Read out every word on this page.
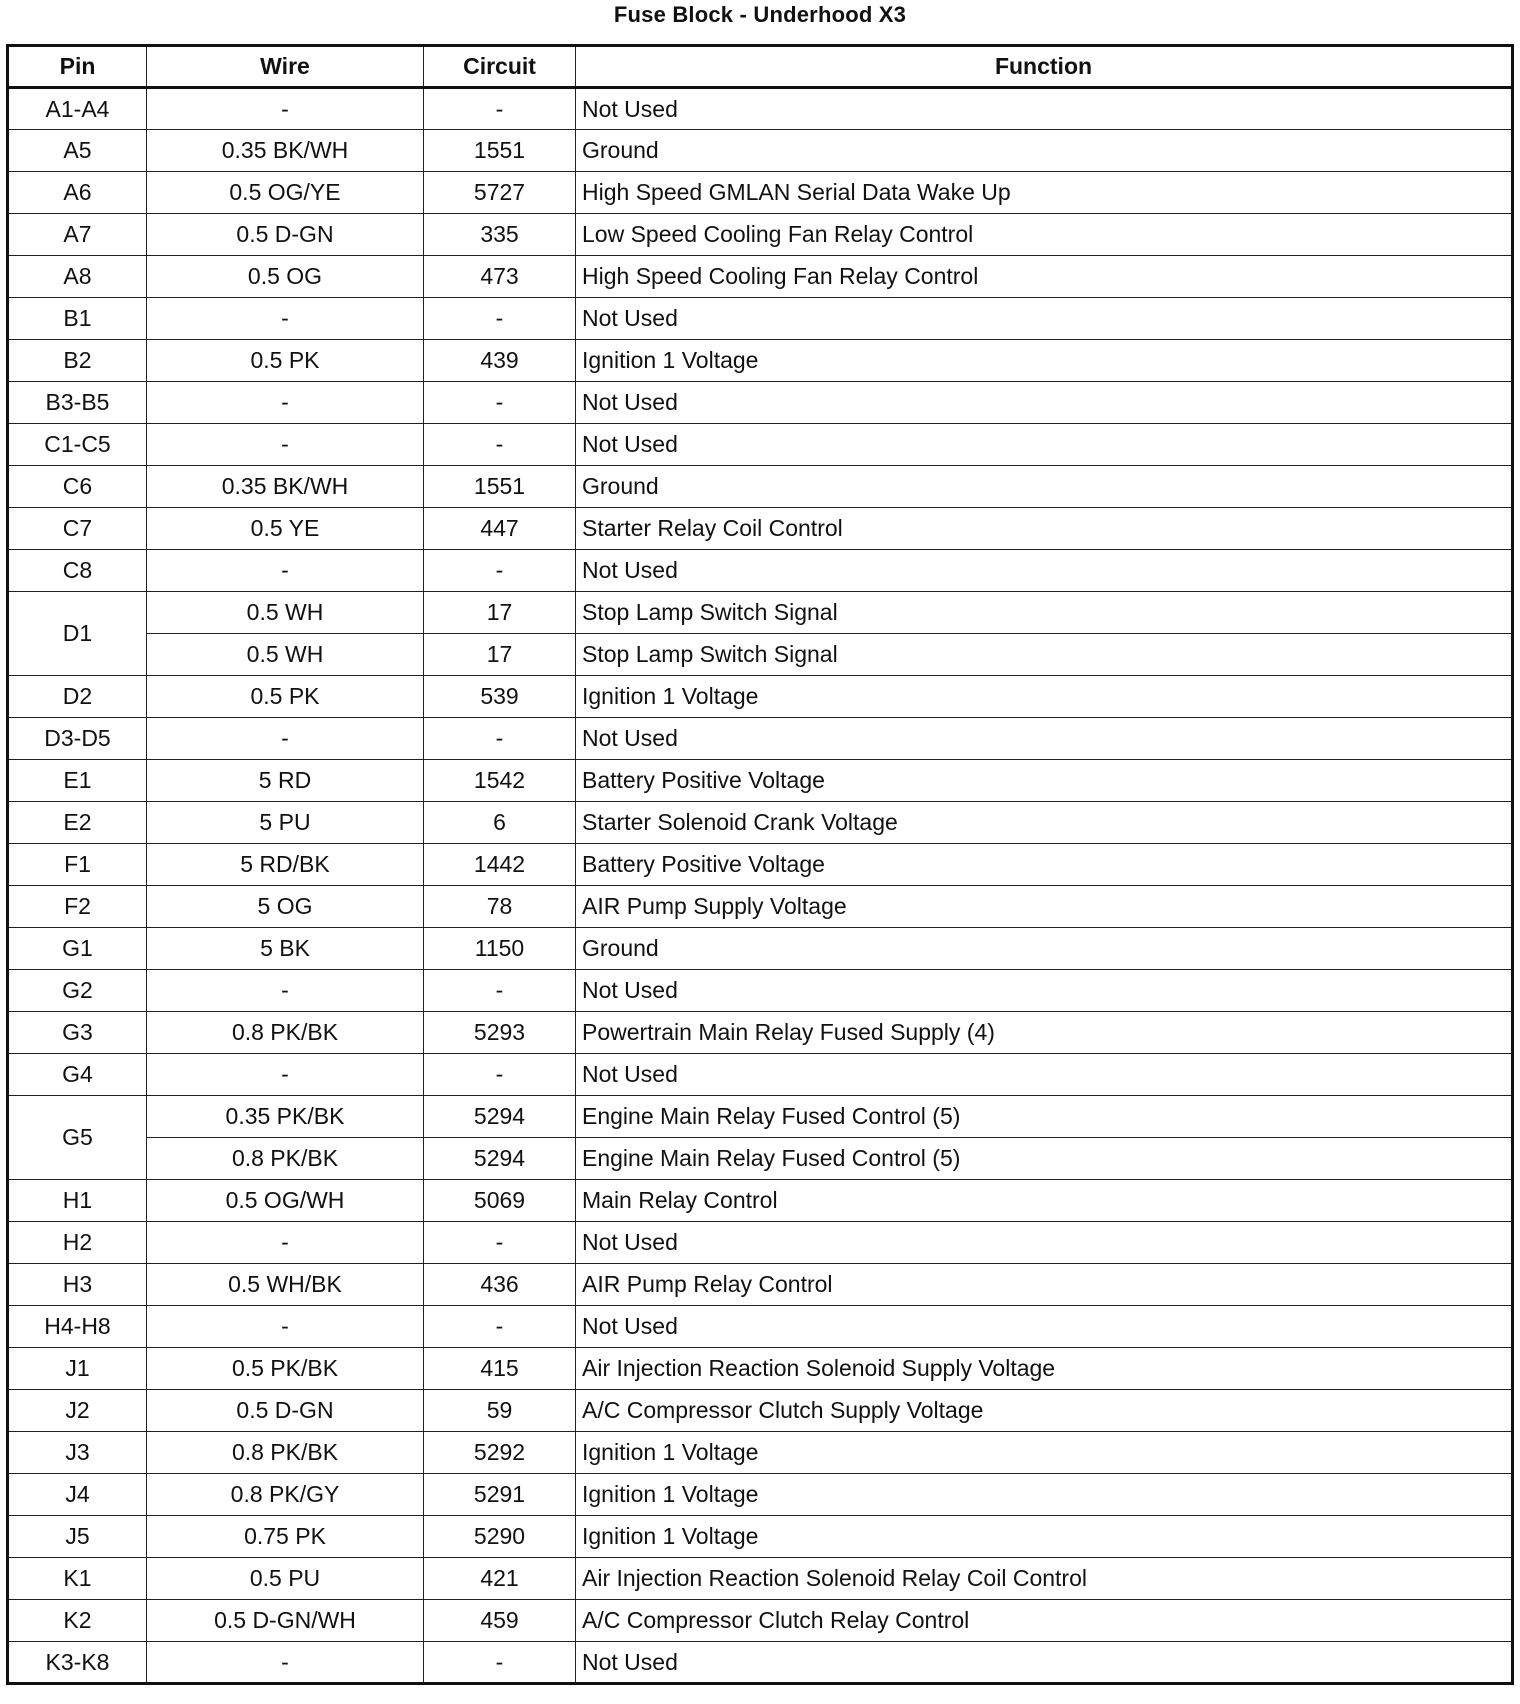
Fuse Block - Underhood X3
Pin	Wire	Circuit	Function
A1-A4	-	-	Not Used
A5	0.35 BK/WH	1551	Ground
A6	0.5 OG/YE	5727	High Speed GMLAN Serial Data Wake Up
A7	0.5 D-GN	335	Low Speed Cooling Fan Relay Control
A8	0.5 OG	473	High Speed Cooling Fan Relay Control
B1	-	-	Not Used
B2	0.5 PK	439	Ignition 1 Voltage
B3-B5	-	-	Not Used
C1-C5	-	-	Not Used
C6	0.35 BK/WH	1551	Ground
C7	0.5 YE	447	Starter Relay Coil Control
C8	-	-	Not Used
D1	0.5 WH	17	Stop Lamp Switch Signal
	0.5 WH	17	Stop Lamp Switch Signal
D2	0.5 PK	539	Ignition 1 Voltage
D3-D5	-	-	Not Used
E1	5 RD	1542	Battery Positive Voltage
E2	5 PU	6	Starter Solenoid Crank Voltage
F1	5 RD/BK	1442	Battery Positive Voltage
F2	5 OG	78	AIR Pump Supply Voltage
G1	5 BK	1150	Ground
G2	-	-	Not Used
G3	0.8 PK/BK	5293	Powertrain Main Relay Fused Supply (4)
G4	-	-	Not Used
G5	0.35 PK/BK	5294	Engine Main Relay Fused Control (5)
	0.8 PK/BK	5294	Engine Main Relay Fused Control (5)
H1	0.5 OG/WH	5069	Main Relay Control
H2	-	-	Not Used
H3	0.5 WH/BK	436	AIR Pump Relay Control
H4-H8	-	-	Not Used
J1	0.5 PK/BK	415	Air Injection Reaction Solenoid Supply Voltage
J2	0.5 D-GN	59	A/C Compressor Clutch Supply Voltage
J3	0.8 PK/BK	5292	Ignition 1 Voltage
J4	0.8 PK/GY	5291	Ignition 1 Voltage
J5	0.75 PK	5290	Ignition 1 Voltage
K1	0.5 PU	421	Air Injection Reaction Solenoid Relay Coil Control
K2	0.5 D-GN/WH	459	A/C Compressor Clutch Relay Control
K3-K8	-	-	Not Used
